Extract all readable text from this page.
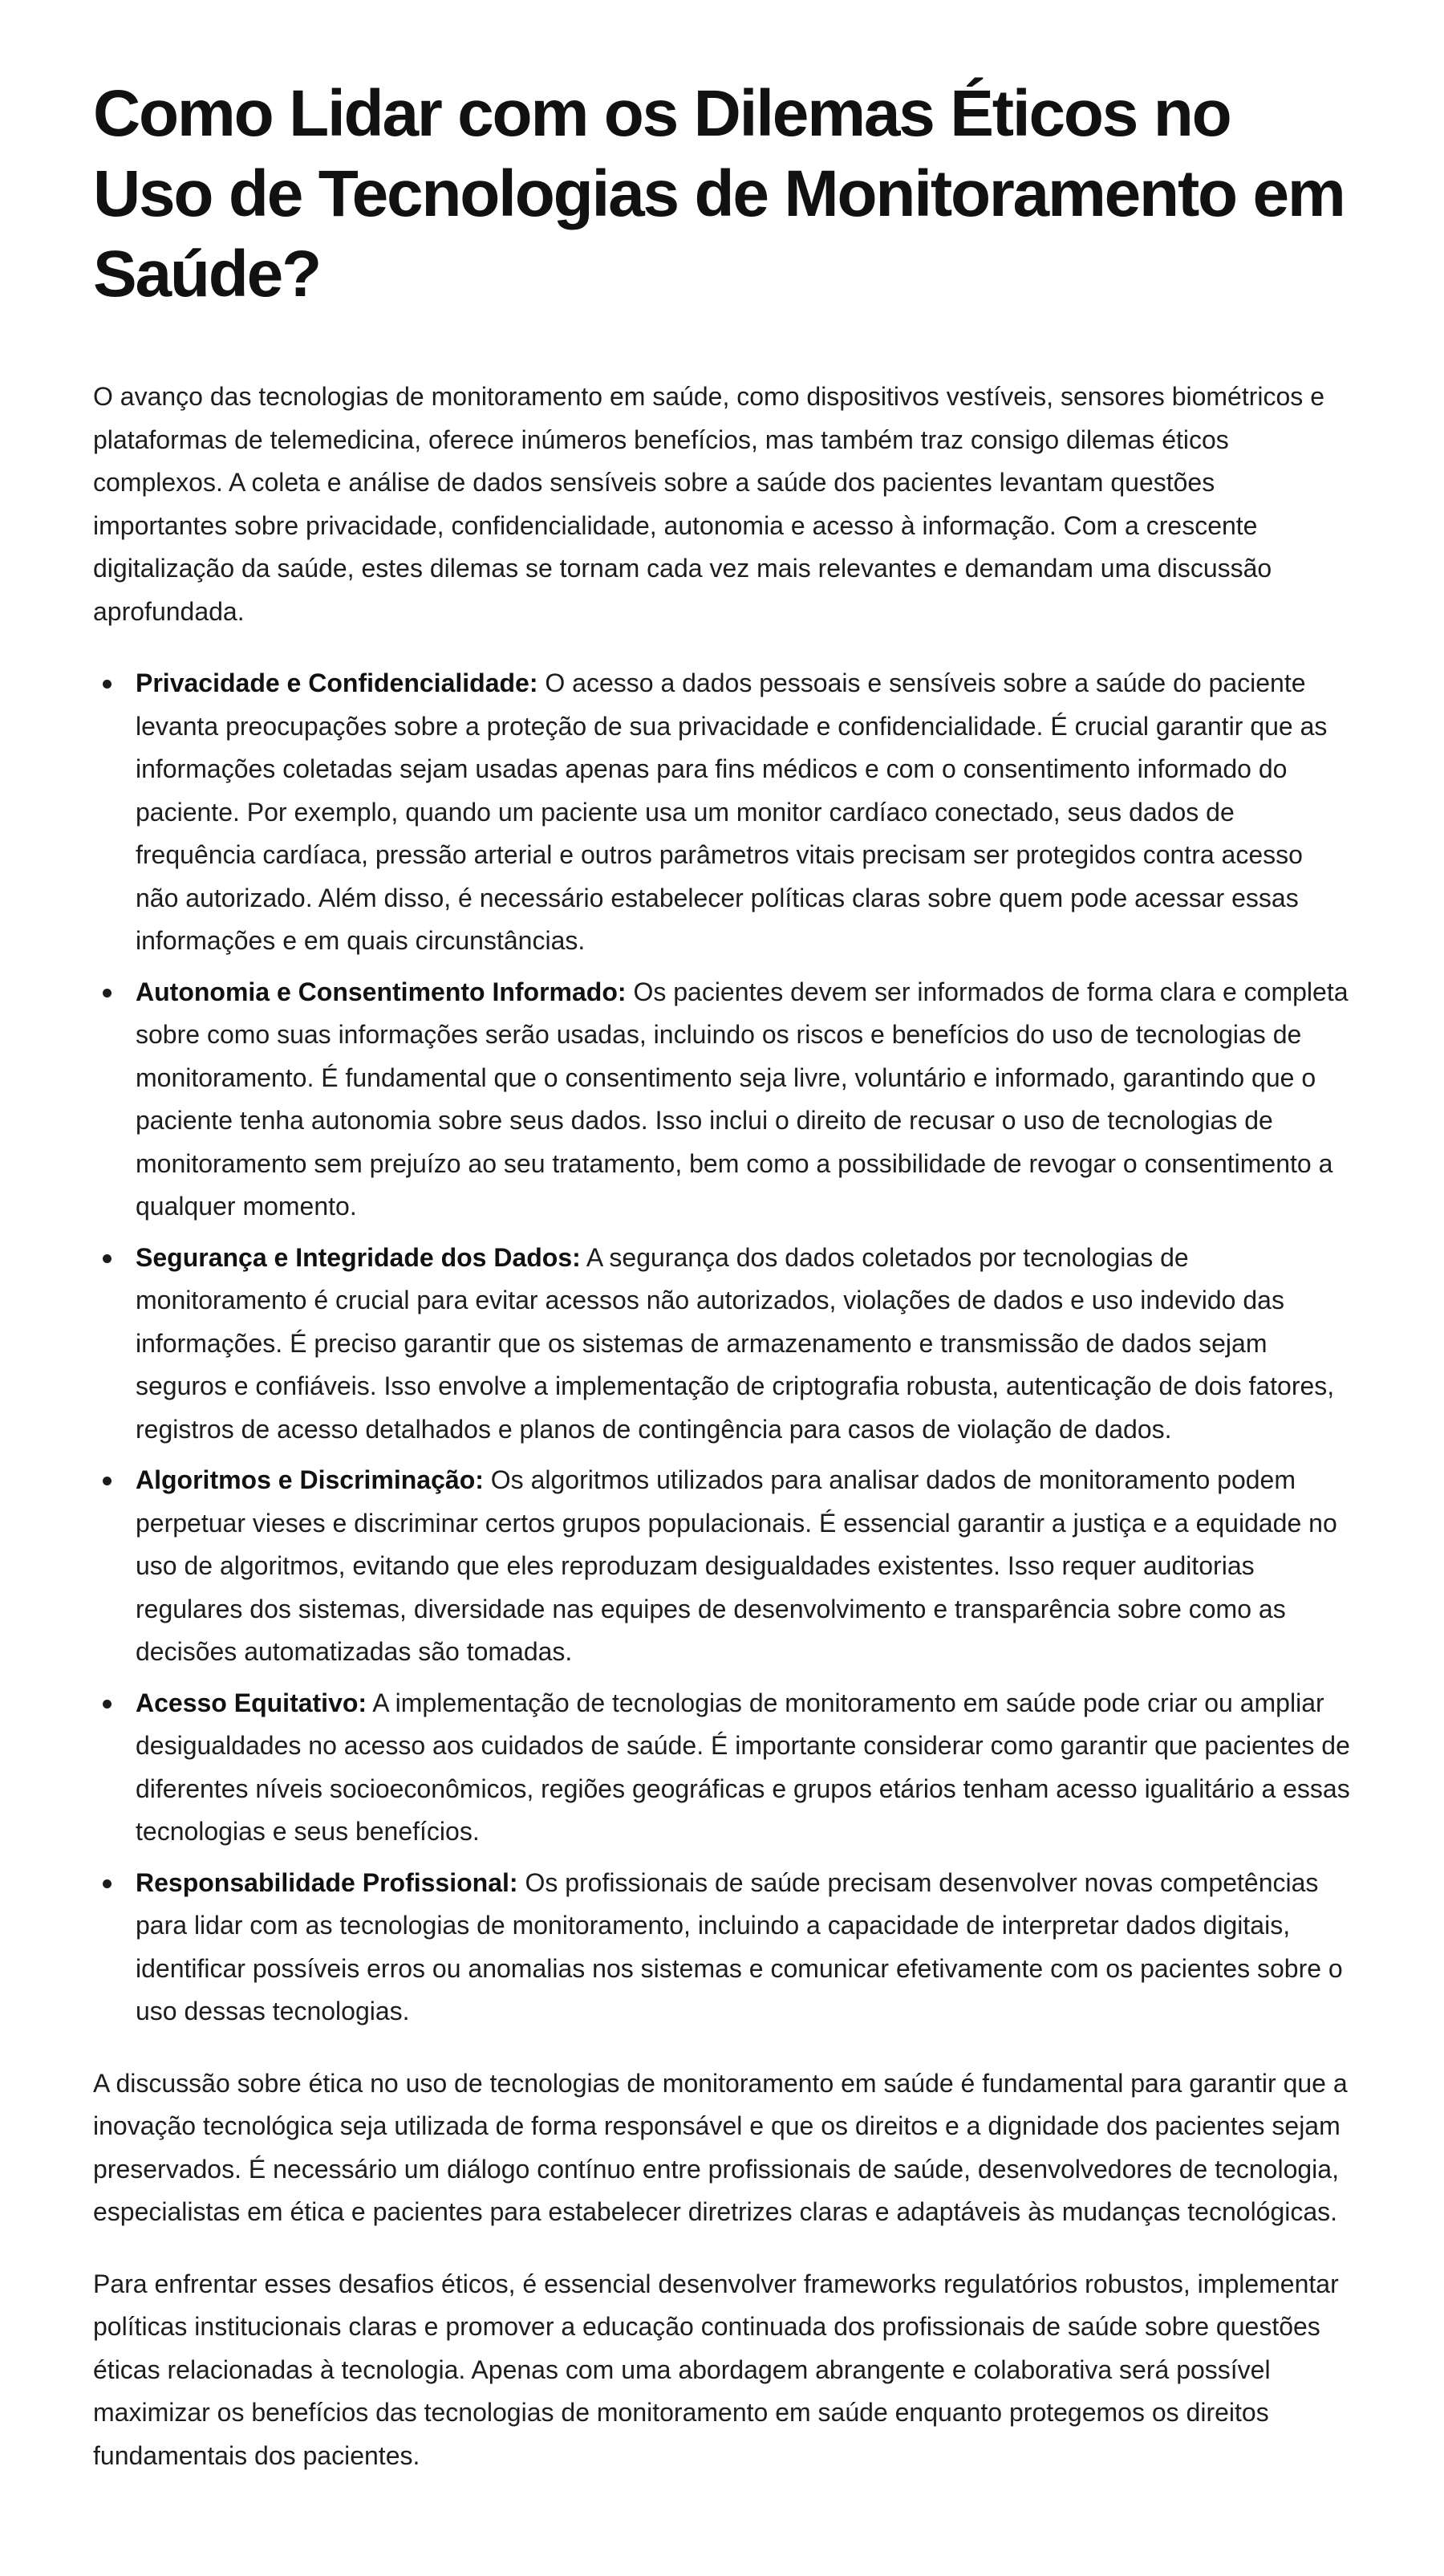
Como Lidar com os Dilemas Éticos no Uso de Tecnologias de Monitoramento em Saúde?

O avanço das tecnologias de monitoramento em saúde, como dispositivos vestíveis, sensores biométricos e plataformas de telemedicina, oferece inúmeros benefícios, mas também traz consigo dilemas éticos complexos. A coleta e análise de dados sensíveis sobre a saúde dos pacientes levantam questões importantes sobre privacidade, confidencialidade, autonomia e acesso à informação. Com a crescente digitalização da saúde, estes dilemas se tornam cada vez mais relevantes e demandam uma discussão aprofundada.

Privacidade e Confidencialidade: O acesso a dados pessoais e sensíveis sobre a saúde do paciente levanta preocupações sobre a proteção de sua privacidade e confidencialidade. É crucial garantir que as informações coletadas sejam usadas apenas para fins médicos e com o consentimento informado do paciente. Por exemplo, quando um paciente usa um monitor cardíaco conectado, seus dados de frequência cardíaca, pressão arterial e outros parâmetros vitais precisam ser protegidos contra acesso não autorizado. Além disso, é necessário estabelecer políticas claras sobre quem pode acessar essas informações e em quais circunstâncias.
Autonomia e Consentimento Informado: Os pacientes devem ser informados de forma clara e completa sobre como suas informações serão usadas, incluindo os riscos e benefícios do uso de tecnologias de monitoramento. É fundamental que o consentimento seja livre, voluntário e informado, garantindo que o paciente tenha autonomia sobre seus dados. Isso inclui o direito de recusar o uso de tecnologias de monitoramento sem prejuízo ao seu tratamento, bem como a possibilidade de revogar o consentimento a qualquer momento.
Segurança e Integridade dos Dados: A segurança dos dados coletados por tecnologias de monitoramento é crucial para evitar acessos não autorizados, violações de dados e uso indevido das informações. É preciso garantir que os sistemas de armazenamento e transmissão de dados sejam seguros e confiáveis. Isso envolve a implementação de criptografia robusta, autenticação de dois fatores, registros de acesso detalhados e planos de contingência para casos de violação de dados.
Algoritmos e Discriminação: Os algoritmos utilizados para analisar dados de monitoramento podem perpetuar vieses e discriminar certos grupos populacionais. É essencial garantir a justiça e a equidade no uso de algoritmos, evitando que eles reproduzam desigualdades existentes. Isso requer auditorias regulares dos sistemas, diversidade nas equipes de desenvolvimento e transparência sobre como as decisões automatizadas são tomadas.
Acesso Equitativo: A implementação de tecnologias de monitoramento em saúde pode criar ou ampliar desigualdades no acesso aos cuidados de saúde. É importante considerar como garantir que pacientes de diferentes níveis socioeconômicos, regiões geográficas e grupos etários tenham acesso igualitário a essas tecnologias e seus benefícios.
Responsabilidade Profissional: Os profissionais de saúde precisam desenvolver novas competências para lidar com as tecnologias de monitoramento, incluindo a capacidade de interpretar dados digitais, identificar possíveis erros ou anomalias nos sistemas e comunicar efetivamente com os pacientes sobre o uso dessas tecnologias.

A discussão sobre ética no uso de tecnologias de monitoramento em saúde é fundamental para garantir que a inovação tecnológica seja utilizada de forma responsável e que os direitos e a dignidade dos pacientes sejam preservados. É necessário um diálogo contínuo entre profissionais de saúde, desenvolvedores de tecnologia, especialistas em ética e pacientes para estabelecer diretrizes claras e adaptáveis às mudanças tecnológicas.

Para enfrentar esses desafios éticos, é essencial desenvolver frameworks regulatórios robustos, implementar políticas institucionais claras e promover a educação continuada dos profissionais de saúde sobre questões éticas relacionadas à tecnologia. Apenas com uma abordagem abrangente e colaborativa será possível maximizar os benefícios das tecnologias de monitoramento em saúde enquanto protegemos os direitos fundamentais dos pacientes.
